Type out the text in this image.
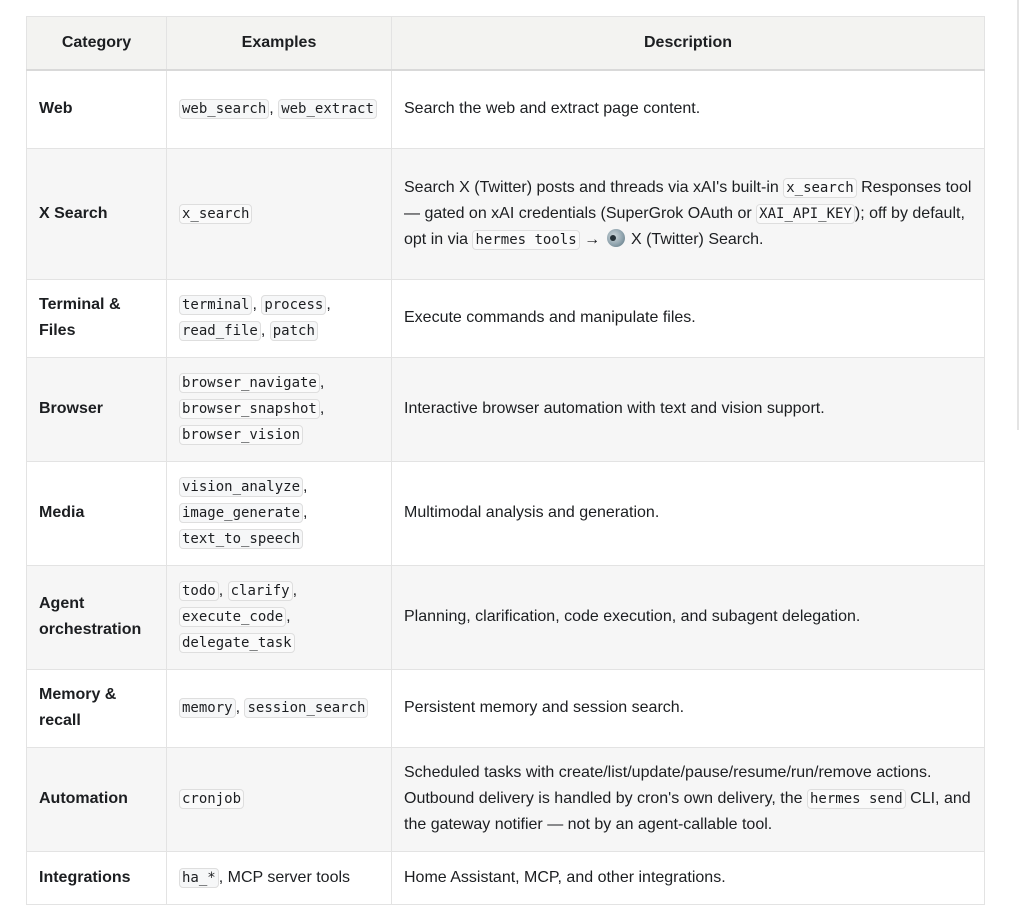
Category	Examples	Description
Web	web_search , web_extract	Search the web and extract page content.
X Search	x_search	Search X (Twitter) posts and threads via xAI's built-in x_search Responses tool — gated on xAI credentials (SuperGrok OAuth or XAI_API_KEY ); off by default, opt in via hermes tools →  X (Twitter) Search.
Terminal & Files	terminal , process , read_file , patch	Execute commands and manipulate files.
Browser	browser_navigate , browser_snapshot , browser_vision	Interactive browser automation with text and vision support.
Media	vision_analyze , image_generate , text_to_speech	Multimodal analysis and generation.
Agent orchestration	todo , clarify , execute_code , delegate_task	Planning, clarification, code execution, and subagent delegation.
Memory & recall	memory , session_search	Persistent memory and session search.
Automation	cronjob	Scheduled tasks with create/list/update/pause/resume/run/remove actions. Outbound delivery is handled by cron's own delivery, the hermes send CLI, and the gateway notifier — not by an agent-callable tool.
Integrations	ha_* , MCP server tools	Home Assistant, MCP, and other integrations.
